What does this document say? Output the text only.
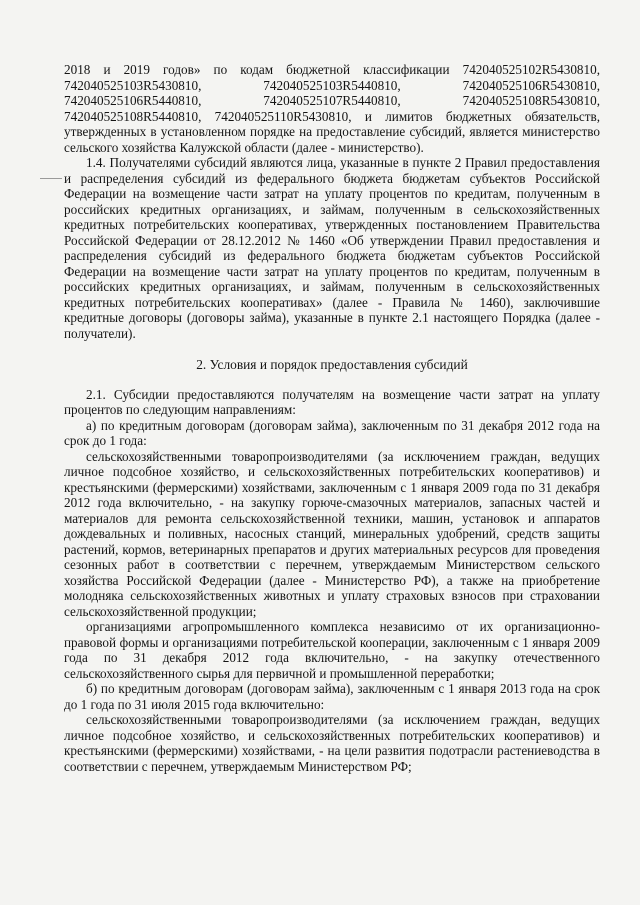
2018 и 2019 годов» по кодам бюджетной классификации 742040525102R5430810, 742040525103R5430810, 742040525103R5440810, 742040525106R5430810, 742040525106R5440810, 742040525107R5440810, 742040525108R5430810, 742040525108R5440810, 742040525110R5430810, и лимитов бюджетных обязательств, утвержденных в установленном порядке на предоставление субсидий, является министерство сельского хозяйства Калужской области (далее - министерство).

1.4. Получателями субсидий являются лица, указанные в пункте 2 Правил предоставления и распределения субсидий из федерального бюджета бюджетам субъектов Российской Федерации на возмещение части затрат на уплату процентов по кредитам, полученным в российских кредитных организациях, и займам, полученным в сельскохозяйственных кредитных потребительских кооперативах, утвержденных постановлением Правительства Российской Федерации от 28.12.2012 № 1460 «Об утверждении Правил предоставления и распределения субсидий из федерального бюджета бюджетам субъектов Российской Федерации на возмещение части затрат на уплату процентов по кредитам, полученным в российских кредитных организациях, и займам, полученным в сельскохозяйственных кредитных потребительских кооперативах» (далее - Правила № 1460), заключившие кредитные договоры (договоры займа), указанные в пункте 2.1 настоящего Порядка (далее - получатели).

2. Условия и порядок предоставления субсидий

2.1. Субсидии предоставляются получателям на возмещение части затрат на уплату процентов по следующим направлениям:

а) по кредитным договорам (договорам займа), заключенным по 31 декабря 2012 года на срок до 1 года:

сельскохозяйственными товаропроизводителями (за исключением граждан, ведущих личное подсобное хозяйство, и сельскохозяйственных потребительских кооперативов) и крестьянскими (фермерскими) хозяйствами, заключенным с 1 января 2009 года по 31 декабря 2012 года включительно, - на закупку горюче-смазочных материалов, запасных частей и материалов для ремонта сельскохозяйственной техники, машин, установок и аппаратов дождевальных и поливных, насосных станций, минеральных удобрений, средств защиты растений, кормов, ветеринарных препаратов и других материальных ресурсов для проведения сезонных работ в соответствии с перечнем, утверждаемым Министерством сельского хозяйства Российской Федерации (далее - Министерство РФ), а также на приобретение молодняка сельскохозяйственных животных и уплату страховых взносов при страховании сельскохозяйственной продукции;

организациями агропромышленного комплекса независимо от их организационно-правовой формы и организациями потребительской кооперации, заключенным с 1 января 2009 года по 31 декабря 2012 года включительно, - на закупку отечественного сельскохозяйственного сырья для первичной и промышленной переработки;

б) по кредитным договорам (договорам займа), заключенным с 1 января 2013 года на срок до 1 года по 31 июля 2015 года включительно:

сельскохозяйственными товаропроизводителями (за исключением граждан, ведущих личное подсобное хозяйство, и сельскохозяйственных потребительских кооперативов) и крестьянскими (фермерскими) хозяйствами, - на цели развития подотрасли растениеводства в соответствии с перечнем, утверждаемым Министерством РФ;
